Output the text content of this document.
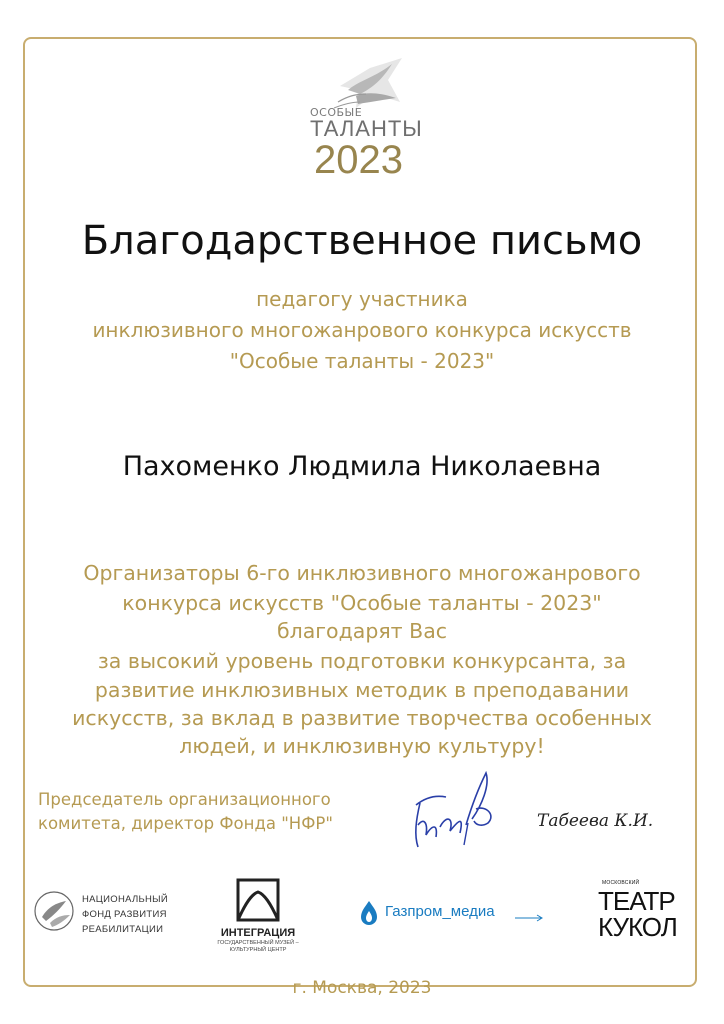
ОСОБЫЕ
ТАЛАНТЫ
2023
Благодарственное письмо
педагогу участника
инклюзивного многожанрового конкурса искусств
"Особые таланты - 2023"
Пахоменко Людмила Николаевна
Организаторы 6-го инклюзивного многожанрового
конкурса искусств "Особые таланты - 2023"
благодарят Вас
за высокий уровень подготовки конкурсанта, за
развитие инклюзивных методик в преподавании
искусств, за вклад в развитие творчества особенных
людей, и инклюзивную культуру!
Председатель организационного
комитета, директор Фонда "НФР"	Табеева К.И.
НАЦИОНАЛЬНЫЙ
ФОНД РАЗВИТИЯ
РЕАБИЛИТАЦИИ	ИНТЕГРАЦИЯ
ГОСУДАРСТВЕННЫЙ МУЗЕЙ –
КУЛЬТУРНЫЙ ЦЕНТР
Газпром_медиа
МОСКОВСКИЙ
ТЕАТР
КУКОЛ
г. Москва, 2023
